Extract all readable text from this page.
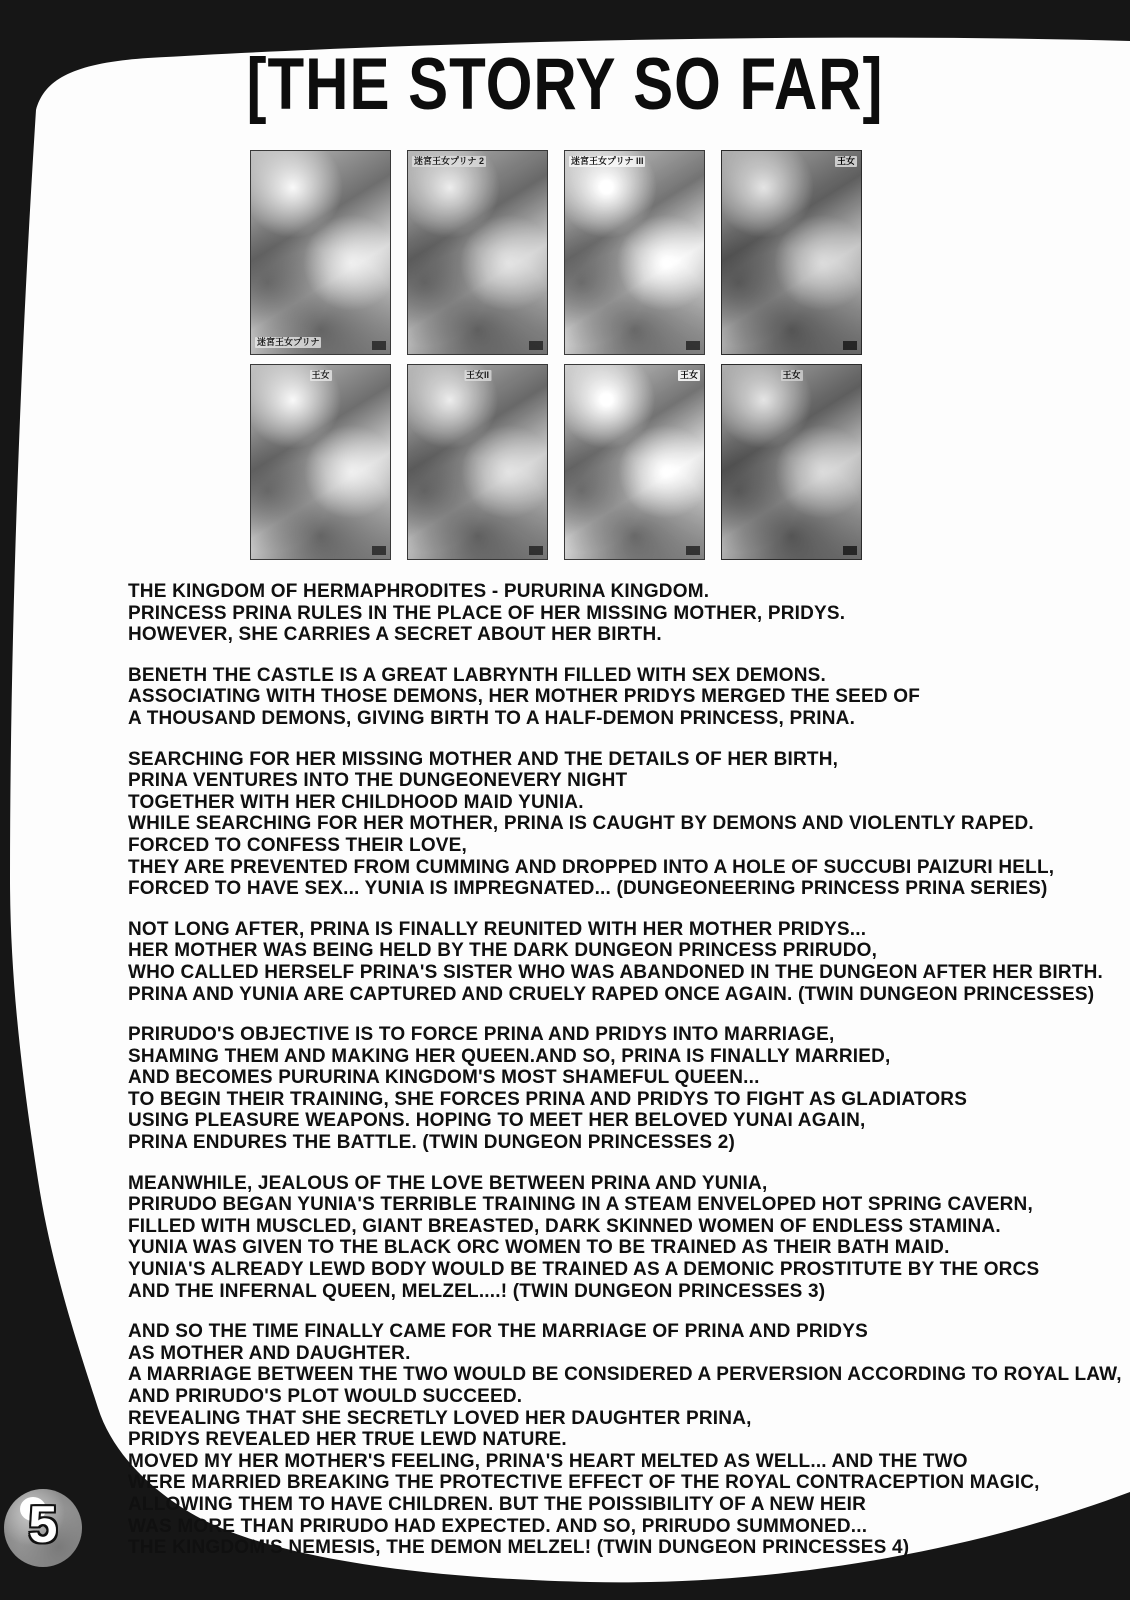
[THE STORY SO FAR]
迷宮王女プリナ
迷宮王女プリナ 2	迷宮王女プリナ III	王女
王女	王女II	王女	王女

THE KINGDOM OF HERMAPHRODITES - PURURINA KINGDOM.
PRINCESS PRINA RULES IN THE PLACE OF HER MISSING MOTHER, PRIDYS.
HOWEVER, SHE CARRIES A SECRET ABOUT HER BIRTH.

BENETH THE CASTLE IS A GREAT LABRYNTH FILLED WITH SEX DEMONS.
ASSOCIATING WITH THOSE DEMONS, HER MOTHER PRIDYS MERGED THE SEED OF
A THOUSAND DEMONS, GIVING BIRTH TO A HALF-DEMON PRINCESS, PRINA.

SEARCHING FOR HER MISSING MOTHER AND THE DETAILS OF HER BIRTH,
PRINA VENTURES INTO THE DUNGEONEVERY NIGHT
TOGETHER WITH HER CHILDHOOD MAID YUNIA.
WHILE SEARCHING FOR HER MOTHER, PRINA IS CAUGHT BY DEMONS AND VIOLENTLY RAPED.
FORCED TO CONFESS THEIR LOVE,
THEY ARE PREVENTED FROM CUMMING AND DROPPED INTO A HOLE OF SUCCUBI PAIZURI HELL,
FORCED TO HAVE SEX... YUNIA IS IMPREGNATED... (DUNGEONEERING PRINCESS PRINA SERIES)

NOT LONG AFTER, PRINA IS FINALLY REUNITED WITH HER MOTHER PRIDYS...
HER MOTHER WAS BEING HELD BY THE DARK DUNGEON PRINCESS PRIRUDO,
WHO CALLED HERSELF PRINA'S SISTER WHO WAS ABANDONED IN THE DUNGEON AFTER HER BIRTH.
PRINA AND YUNIA ARE CAPTURED AND CRUELY RAPED ONCE AGAIN. (TWIN DUNGEON PRINCESSES)

PRIRUDO'S OBJECTIVE IS TO FORCE PRINA AND PRIDYS INTO MARRIAGE,
SHAMING THEM AND MAKING HER QUEEN.AND SO, PRINA IS FINALLY MARRIED,
AND BECOMES PURURINA KINGDOM'S MOST SHAMEFUL QUEEN...
TO BEGIN THEIR TRAINING, SHE FORCES PRINA AND PRIDYS TO FIGHT AS GLADIATORS
USING PLEASURE WEAPONS. HOPING TO MEET HER BELOVED YUNAI AGAIN,
PRINA ENDURES THE BATTLE. (TWIN DUNGEON PRINCESSES 2)

MEANWHILE, JEALOUS OF THE LOVE BETWEEN PRINA AND YUNIA,
PRIRUDO BEGAN YUNIA'S TERRIBLE TRAINING IN A STEAM ENVELOPED HOT SPRING CAVERN,
FILLED WITH MUSCLED, GIANT BREASTED, DARK SKINNED WOMEN OF ENDLESS STAMINA.
YUNIA WAS GIVEN TO THE BLACK ORC WOMEN TO BE TRAINED AS THEIR BATH MAID.
YUNIA'S ALREADY LEWD BODY WOULD BE TRAINED AS A DEMONIC PROSTITUTE BY THE ORCS
AND THE INFERNAL QUEEN, MELZEL....! (TWIN DUNGEON PRINCESSES 3)

AND SO THE TIME FINALLY CAME FOR THE MARRIAGE OF PRINA AND PRIDYS
AS MOTHER AND DAUGHTER.
A MARRIAGE BETWEEN THE TWO WOULD BE CONSIDERED A PERVERSION ACCORDING TO ROYAL LAW,
AND PRIRUDO'S PLOT WOULD SUCCEED.
REVEALING THAT SHE SECRETLY LOVED HER DAUGHTER PRINA,
PRIDYS REVEALED HER TRUE LEWD NATURE.
MOVED MY HER MOTHER'S FEELING, PRINA'S HEART MELTED AS WELL... AND THE TWO
WERE MARRIED BREAKING THE PROTECTIVE EFFECT OF THE ROYAL CONTRACEPTION MAGIC,
ALLOWING THEM TO HAVE CHILDREN. BUT THE POISSIBILITY OF A NEW HEIR
WAS MORE THAN PRIRUDO HAD EXPECTED. AND SO, PRIRUDO SUMMONED...
THE KINGDOM'S NEMESIS, THE DEMON MELZEL! (TWIN DUNGEON PRINCESSES 4)

5
